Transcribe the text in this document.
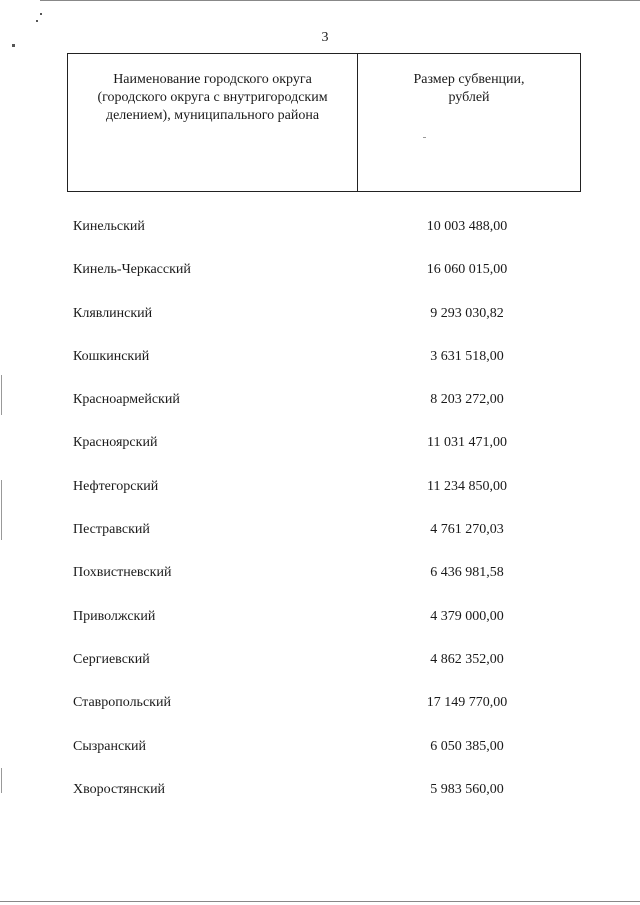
3
Наименование городского округа
(городского округа с внутригородским
делением), муниципального района
Размер субвенции,
рублей
Кинельский	10 003 488,00
Кинель-Черкасский	16 060 015,00
Клявлинский	9 293 030,82
Кошкинский	3 631 518,00
Красноармейский	8 203 272,00
Красноярский	11 031 471,00
Нефтегорский	11 234 850,00
Пестравский	4 761 270,03
Похвистневский	6 436 981,58
Приволжский	4 379 000,00
Сергиевский	4 862 352,00
Ставропольский	17 149 770,00
Сызранский	6 050 385,00
Хворостянский	5 983 560,00
